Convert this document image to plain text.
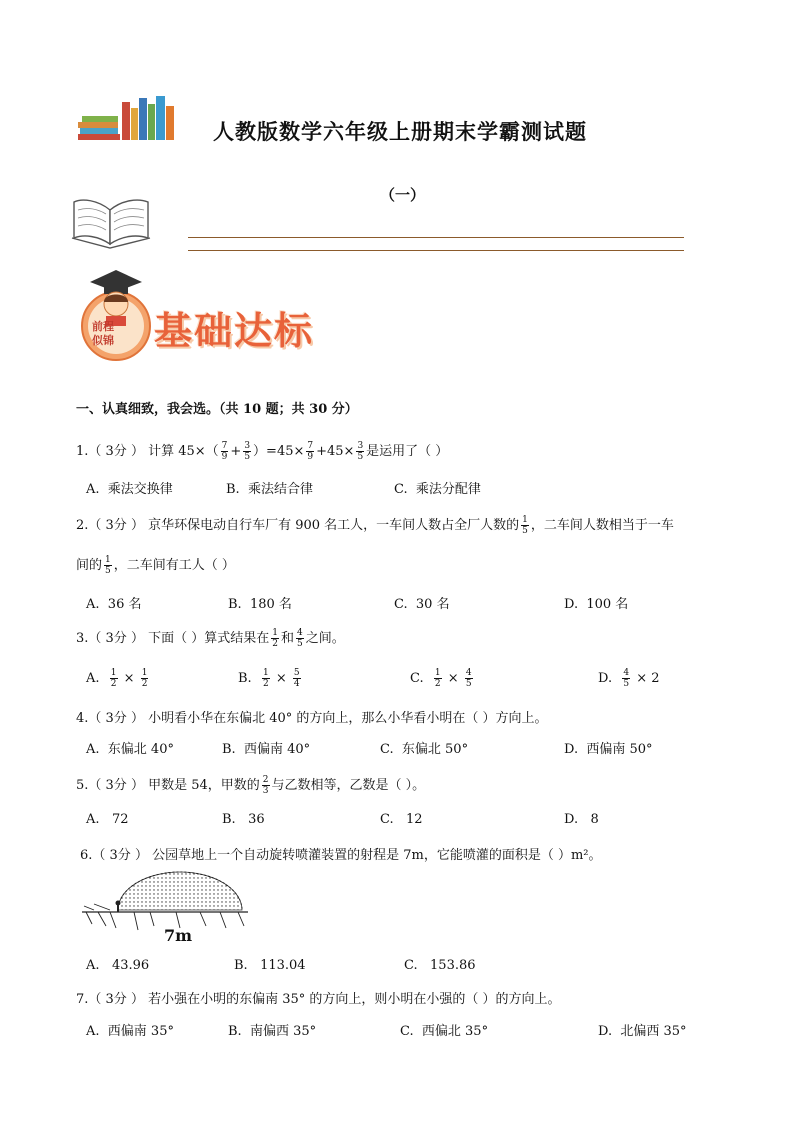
人教版数学六年级上册期末学霸测试题
（一）
前程
似锦 基础达标
一、认真细致，我会选。（共 10 题；共 30 分）
1.（ 3分 ） 计算 $45\times( \frac{7}{9} + \frac{3}{5} )=45\times \frac{7}{9} +45\times \frac{3}{5}$ 是运用了（ ）
A. 乘法交换律	B. 乘法结合律	C. 乘法分配律
2.（ 3分 ） 京华环保电动自行车厂有 900 名工人，一车间人数占全厂人数的 $\frac{1}{5}$ ，二车间人数相当于一车
间的 $\frac{1}{5}$ ，二车间有工人（ ）
A. 36 名	B. 180 名	C. 30 名	D. 100 名
3.（ 3分 ） 下面（ ）算式结果在 $\frac{1}{2}$ 和 $\frac{4}{5}$ 之间。
A. $\frac{1}{2} \times \frac{1}{2}$	B. $\frac{1}{2} \times \frac{5}{4}$	C. $\frac{1}{2} \times \frac{4}{5}$	D. $\frac{4}{5} \times 2$
4.（ 3分 ） 小明看小华在东偏北 40° 的方向上，那么小华看小明在（ ）方向上。
A. 东偏北 40°	B. 西偏南 40°	C. 东偏北 50°	D. 西偏南 50°
5.（ 3分 ） 甲数是 54，甲数的 $\frac{2}{3}$ 与乙数相等，乙数是（ ）。
A. 72	B. 36	C. 12	D. 8
6.（ 3分 ） 公园草地上一个自动旋转喷灌装置的射程是 7m，它能喷灌的面积是（ ）m²。
7m
A. 43.96	B. 113.04	C. 153.86
7.（ 3分 ） 若小强在小明的东偏南 35° 的方向上，则小明在小强的（ ）的方向上。
A. 西偏南 35°	B. 南偏西 35°	C. 西偏北 35°	D. 北偏西 35°
